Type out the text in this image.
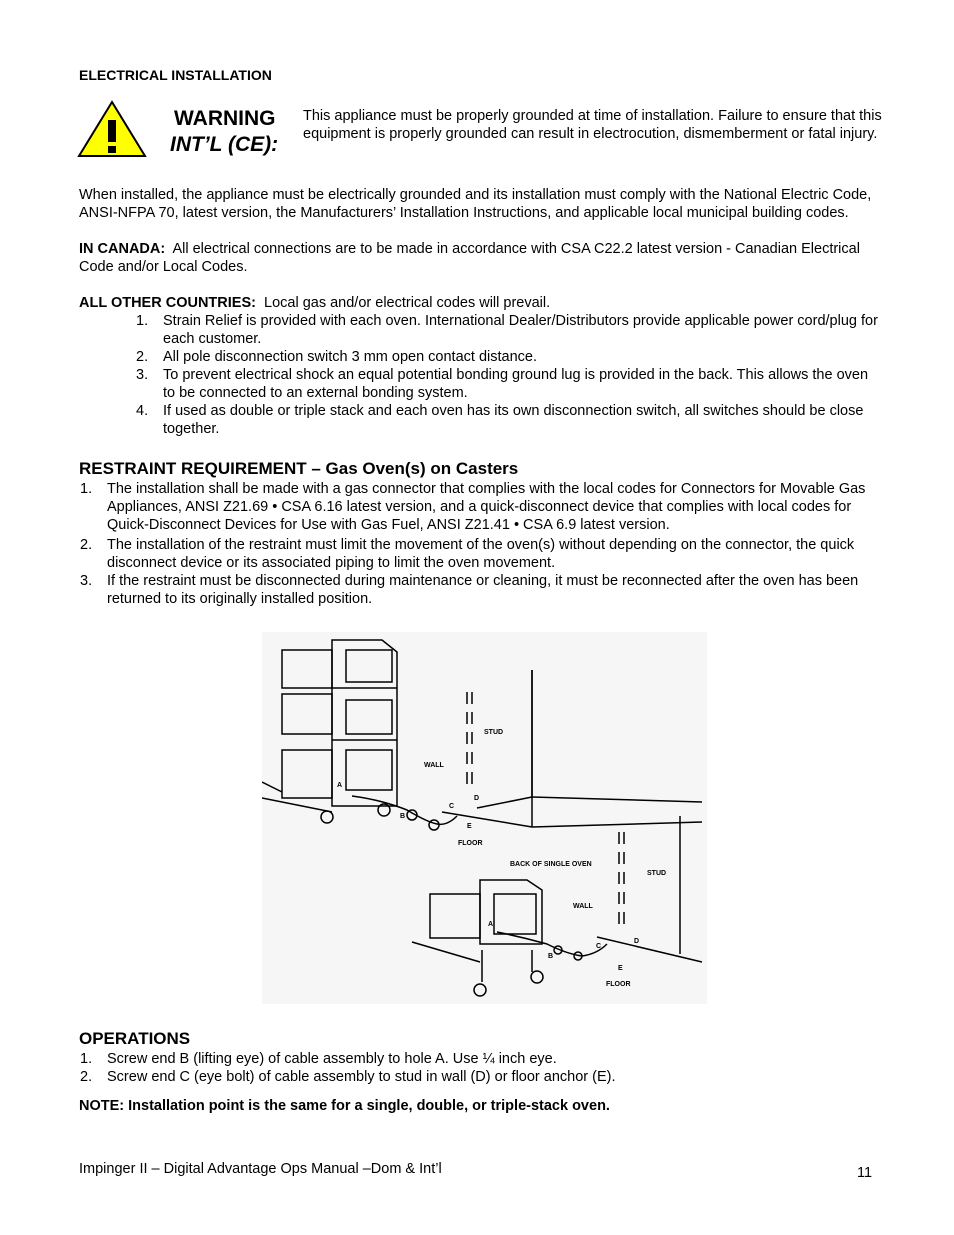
ELECTRICAL INSTALLATION
WARNING
INT’L (CE):
This appliance must be properly grounded at time of installation. Failure to ensure that this equipment is properly grounded can result in electrocution, dismemberment or fatal injury.
When installed, the appliance must be electrically grounded and its installation must comply with the National Electric Code, ANSI-NFPA 70, latest version, the Manufacturers’ Installation Instructions, and applicable local municipal building codes.
IN CANADA: All electrical connections are to be made in accordance with CSA C22.2 latest version - Canadian Electrical Code and/or Local Codes.
ALL OTHER COUNTRIES: Local gas and/or electrical codes will prevail.
1. Strain Relief is provided with each oven. International Dealer/Distributors provide applicable power cord/plug for each customer.
2. All pole disconnection switch 3 mm open contact distance.
3. To prevent electrical shock an equal potential bonding ground lug is provided in the back. This allows the oven to be connected to an external bonding system.
4. If used as double or triple stack and each oven has its own disconnection switch, all switches should be close together.
RESTRAINT REQUIREMENT – Gas Oven(s) on Casters
1. The installation shall be made with a gas connector that complies with the local codes for Connectors for Movable Gas Appliances, ANSI Z21.69 • CSA 6.16 latest version, and a quick-disconnect device that complies with local codes for Quick-Disconnect Devices for Use with Gas Fuel, ANSI Z21.41 • CSA 6.9 latest version.
2. The installation of the restraint must limit the movement of the oven(s) without depending on the connector, the quick disconnect device or its associated piping to limit the oven movement.
3. If the restraint must be disconnected during maintenance or cleaning, it must be reconnected after the oven has been returned to its originally installed position.
STUD
WALL
FLOOR
A
B
C
D
E
BACK OF SINGLE OVEN
STUD
WALL
FLOOR
A
B
C
D
E
OPERATIONS
1. Screw end B (lifting eye) of cable assembly to hole A. Use ¼ inch eye.
2. Screw end C (eye bolt) of cable assembly to stud in wall (D) or floor anchor (E).
NOTE: Installation point is the same for a single, double, or triple-stack oven.
Impinger II – Digital Advantage Ops Manual –Dom & Int’l	11
